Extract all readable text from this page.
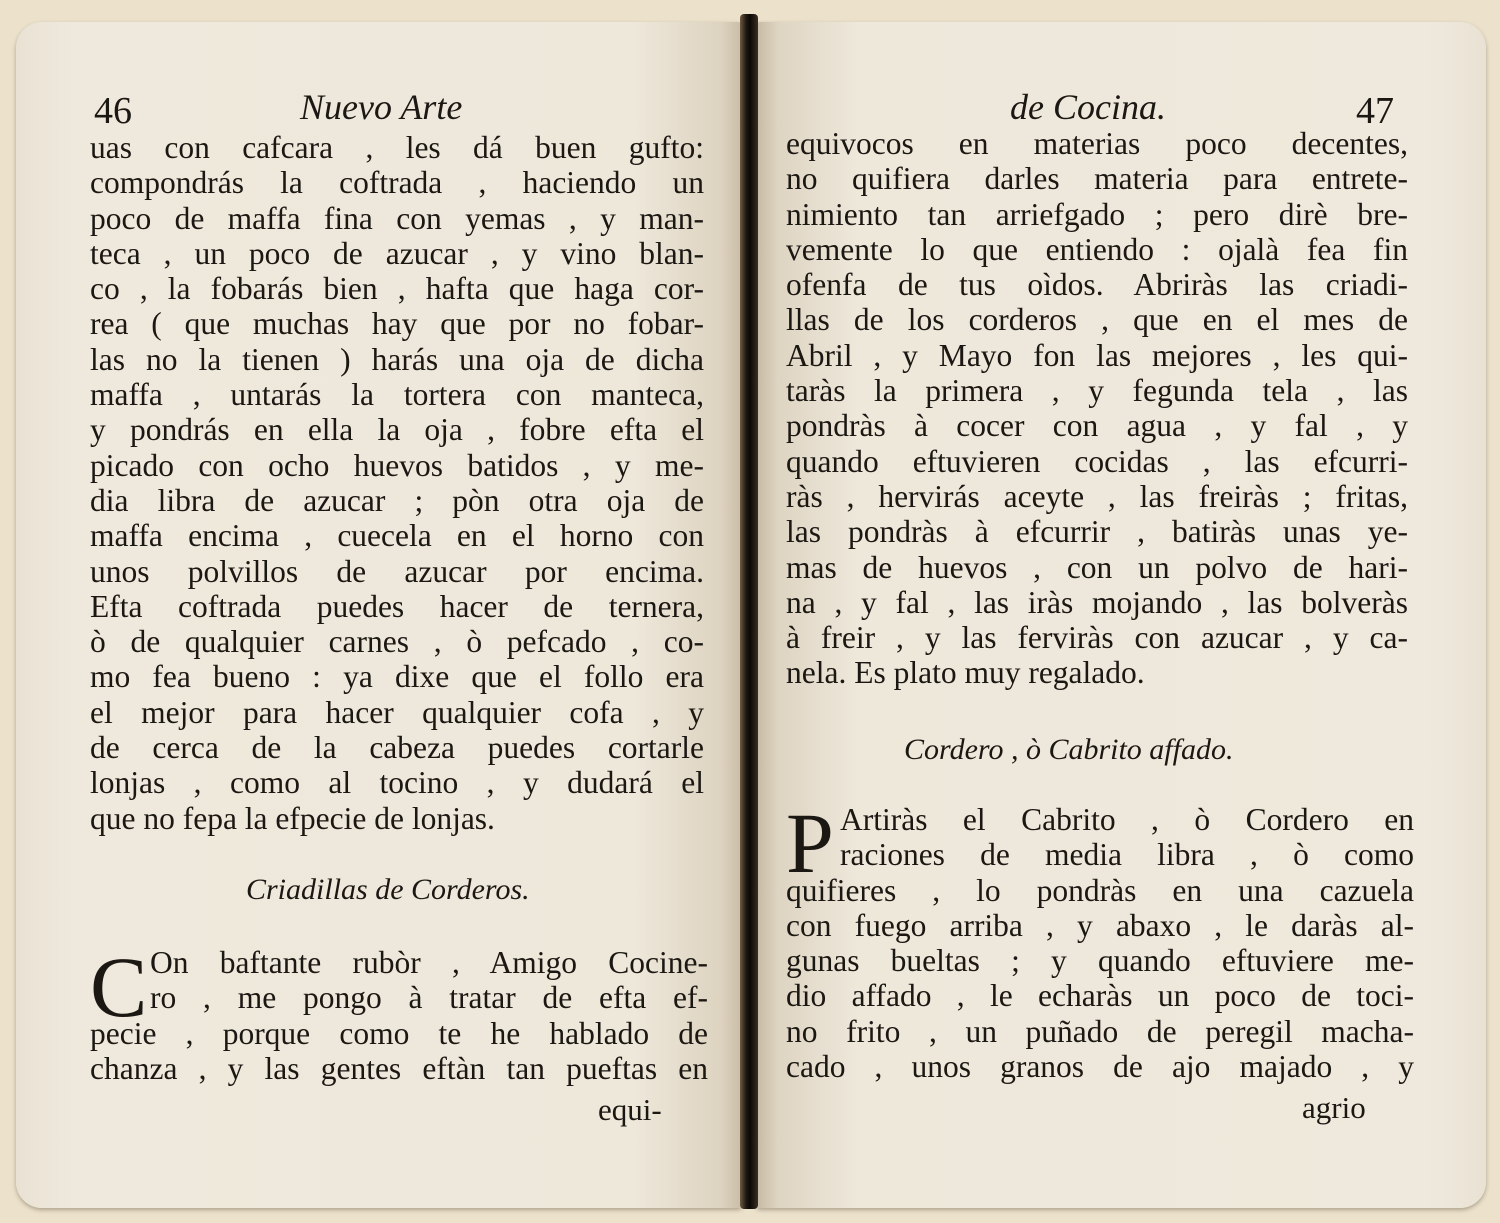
46	Nuevo Arte
uas con cafcara , les dá buen gufto:
compondrás la coftrada , haciendo un
poco de maffa fina con yemas , y man-
teca , un poco de azucar , y vino blan-
co , la fobarás bien , hafta que haga cor-
rea ( que muchas hay que por no fobar-
las no la tienen ) harás una oja de dicha
maffa , untarás la tortera con manteca,
y pondrás en ella la oja , fobre efta el
picado con ocho huevos batidos , y me-
dia libra de azucar ; pòn otra oja de
maffa encima , cuecela en el horno con
unos polvillos de azucar por encima.
Efta coftrada puedes hacer de ternera,
ò de qualquier carnes , ò pefcado , co-
mo fea bueno : ya dixe que el follo era
el mejor para hacer qualquier cofa , y
de cerca de la cabeza puedes cortarle
lonjas , como al tocino , y dudará el
que no fepa la efpecie de lonjas.
Criadillas de Corderos.
C On baftante rubòr , Amigo Cocine-
ro , me pongo à tratar de efta ef-
pecie , porque como te he hablado de
chanza , y las gentes eftàn tan pueftas en
equi-
de Cocina.	47
equivocos en materias poco decentes,
no quifiera darles materia para entrete-
nimiento tan arriefgado ; pero dirè bre-
vemente lo que entiendo : ojalà fea fin
ofenfa de tus oìdos. Abriràs las criadi-
llas de los corderos , que en el mes de
Abril , y Mayo fon las mejores , les qui-
taràs la primera , y fegunda tela , las
pondràs à cocer con agua , y fal , y
quando eftuvieren cocidas , las efcurri-
ràs , hervirás aceyte , las freiràs ; fritas,
las pondràs à efcurrir , batiràs unas ye-
mas de huevos , con un polvo de hari-
na , y fal , las iràs mojando , las bolveràs
à freir , y las ferviràs con azucar , y ca-
nela. Es plato muy regalado.
Cordero , ò Cabrito affado.
P Artiràs el Cabrito , ò Cordero en
raciones de media libra , ò como
quifieres , lo pondràs en una cazuela
con fuego arriba , y abaxo , le daràs al-
gunas bueltas ; y quando eftuviere me-
dio affado , le echaràs un poco de toci-
no frito , un puñado de peregil macha-
cado , unos granos de ajo majado , y
agrio
